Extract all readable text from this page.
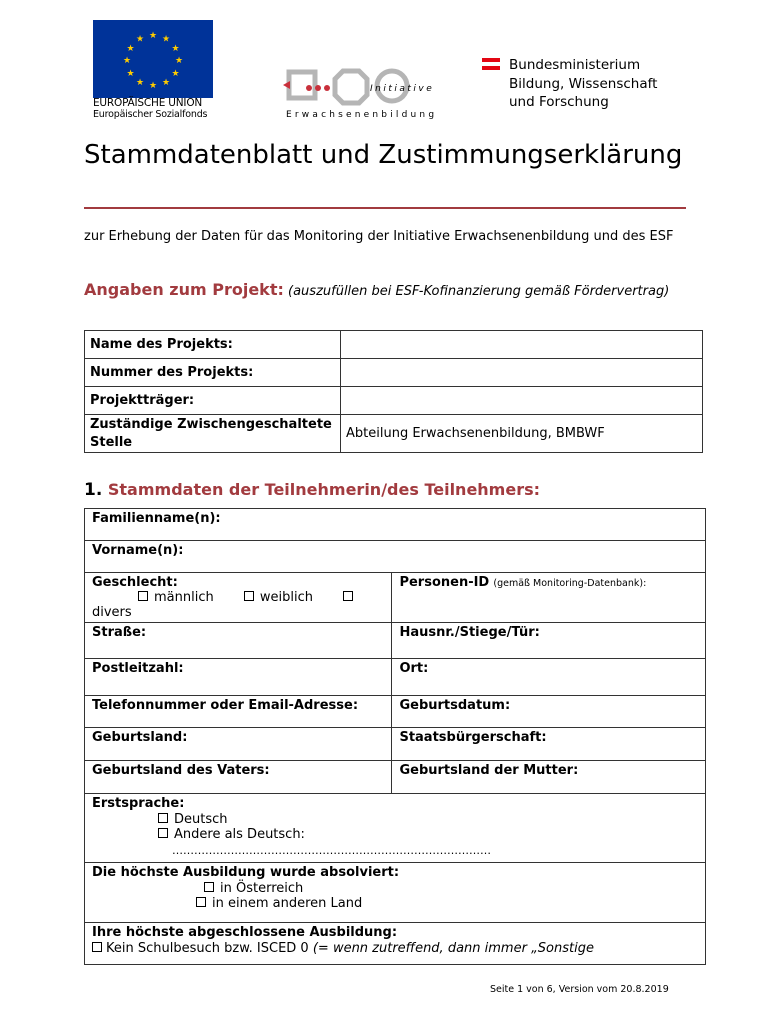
★ ★
★
★
★
★
★
★
★
★
★
★
EUROPÄISCHE UNION
Europäischer Sozialfonds
Initiative
Erwachsenenbildung
Bundesministerium
Bildung, Wissenschaft
und Forschung
Stammdatenblatt und Zustimmungserklärung
zur Erhebung der Daten für das Monitoring der Initiative Erwachsenenbildung und des ESF
Angaben zum Projekt: (auszufüllen bei ESF-Kofinanzierung gemäß Fördervertrag)
Name des Projekts:	
Nummer des Projekts:	
Projektträger:	
Zuständige Zwischengeschaltete Stelle	Abteilung Erwachsenenbildung, BMBWF
1. Stammdaten der Teilnehmerin/des Teilnehmers:
Familienname(n):	
Vorname(n):	

Geschlecht:
männlich weiblich
divers	Personen-ID (gemäß Monitoring-Datenbank):
Straße:	Hausnr./Stiege/Tür:
Postleitzahl:	Ort:
Telefonnummer oder Email-Adresse:	Geburtsdatum:
Geburtsland:	Staatsbürgerschaft:
Geburtsland des Vaters:	Geburtsland der Mutter:

Erstsprache:
Deutsch
Andere als Deutsch:
……………………………………………………………………………	

Die höchste Ausbildung wurde absolviert:
in Österreich
in einem anderen Land	

Ihre höchste abgeschlossene Ausbildung:
Kein Schulbesuch bzw. ISCED 0 (= wenn zutreffend, dann immer „Sonstige	
Seite 1 von 6, Version vom 20.8.2019
